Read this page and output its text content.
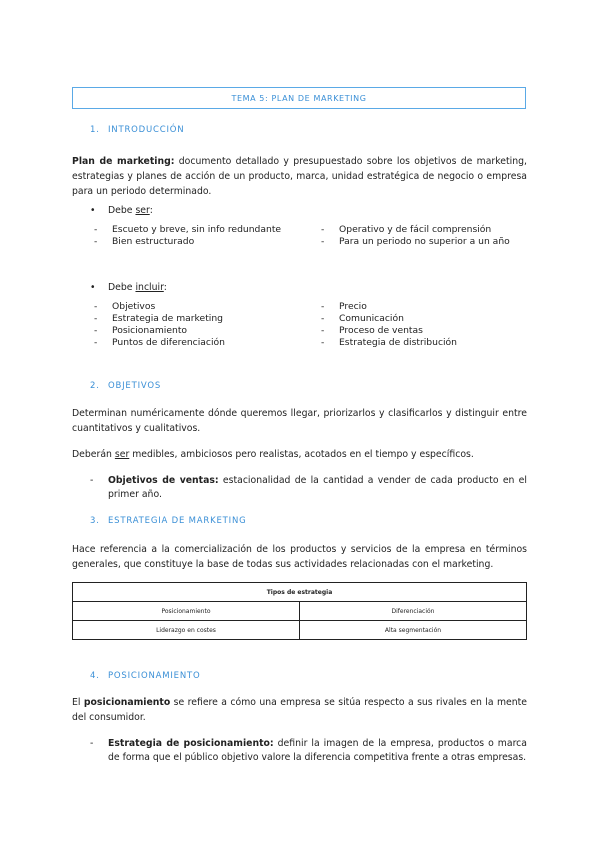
TEMA 5: PLAN DE MARKETING
1. INTRODUCCIÓN
Plan de marketing: documento detallado y presupuestado sobre los objetivos de marketing, estrategias y planes de acción de un producto, marca, unidad estratégica de negocio o empresa para un periodo determinado.
• Debe ser:
-	Escueto y breve, sin info redundante
-	Bien estructurado
-	Operativo y de fácil comprensión
-	Para un periodo no superior a un año
• Debe incluir:
-	Objetivos
-	Estrategia de marketing
-	Posicionamiento
-	Puntos de diferenciación
-	Precio
-	Comunicación
-	Proceso de ventas
-	Estrategia de distribución
2. OBJETIVOS
Determinan numéricamente dónde queremos llegar, priorizarlos y clasificarlos y distinguir entre cuantitativos y cualitativos.
Deberán ser medibles, ambiciosos pero realistas, acotados en el tiempo y específicos.
-	Objetivos de ventas: estacionalidad de la cantidad a vender de cada producto en el primer año.
3. ESTRATEGIA DE MARKETING
Hace referencia a la comercialización de los productos y servicios de la empresa en términos generales, que constituye la base de todas sus actividades relacionadas con el marketing.
Tipos de estrategia	
Posicionamiento	Diferenciación
Liderazgo en costes	Alta segmentación
4. POSICIONAMIENTO
El posicionamiento se refiere a cómo una empresa se sitúa respecto a sus rivales en la mente del consumidor.
-	Estrategia de posicionamiento: definir la imagen de la empresa, productos o marca de forma que el público objetivo valore la diferencia competitiva frente a otras empresas.
